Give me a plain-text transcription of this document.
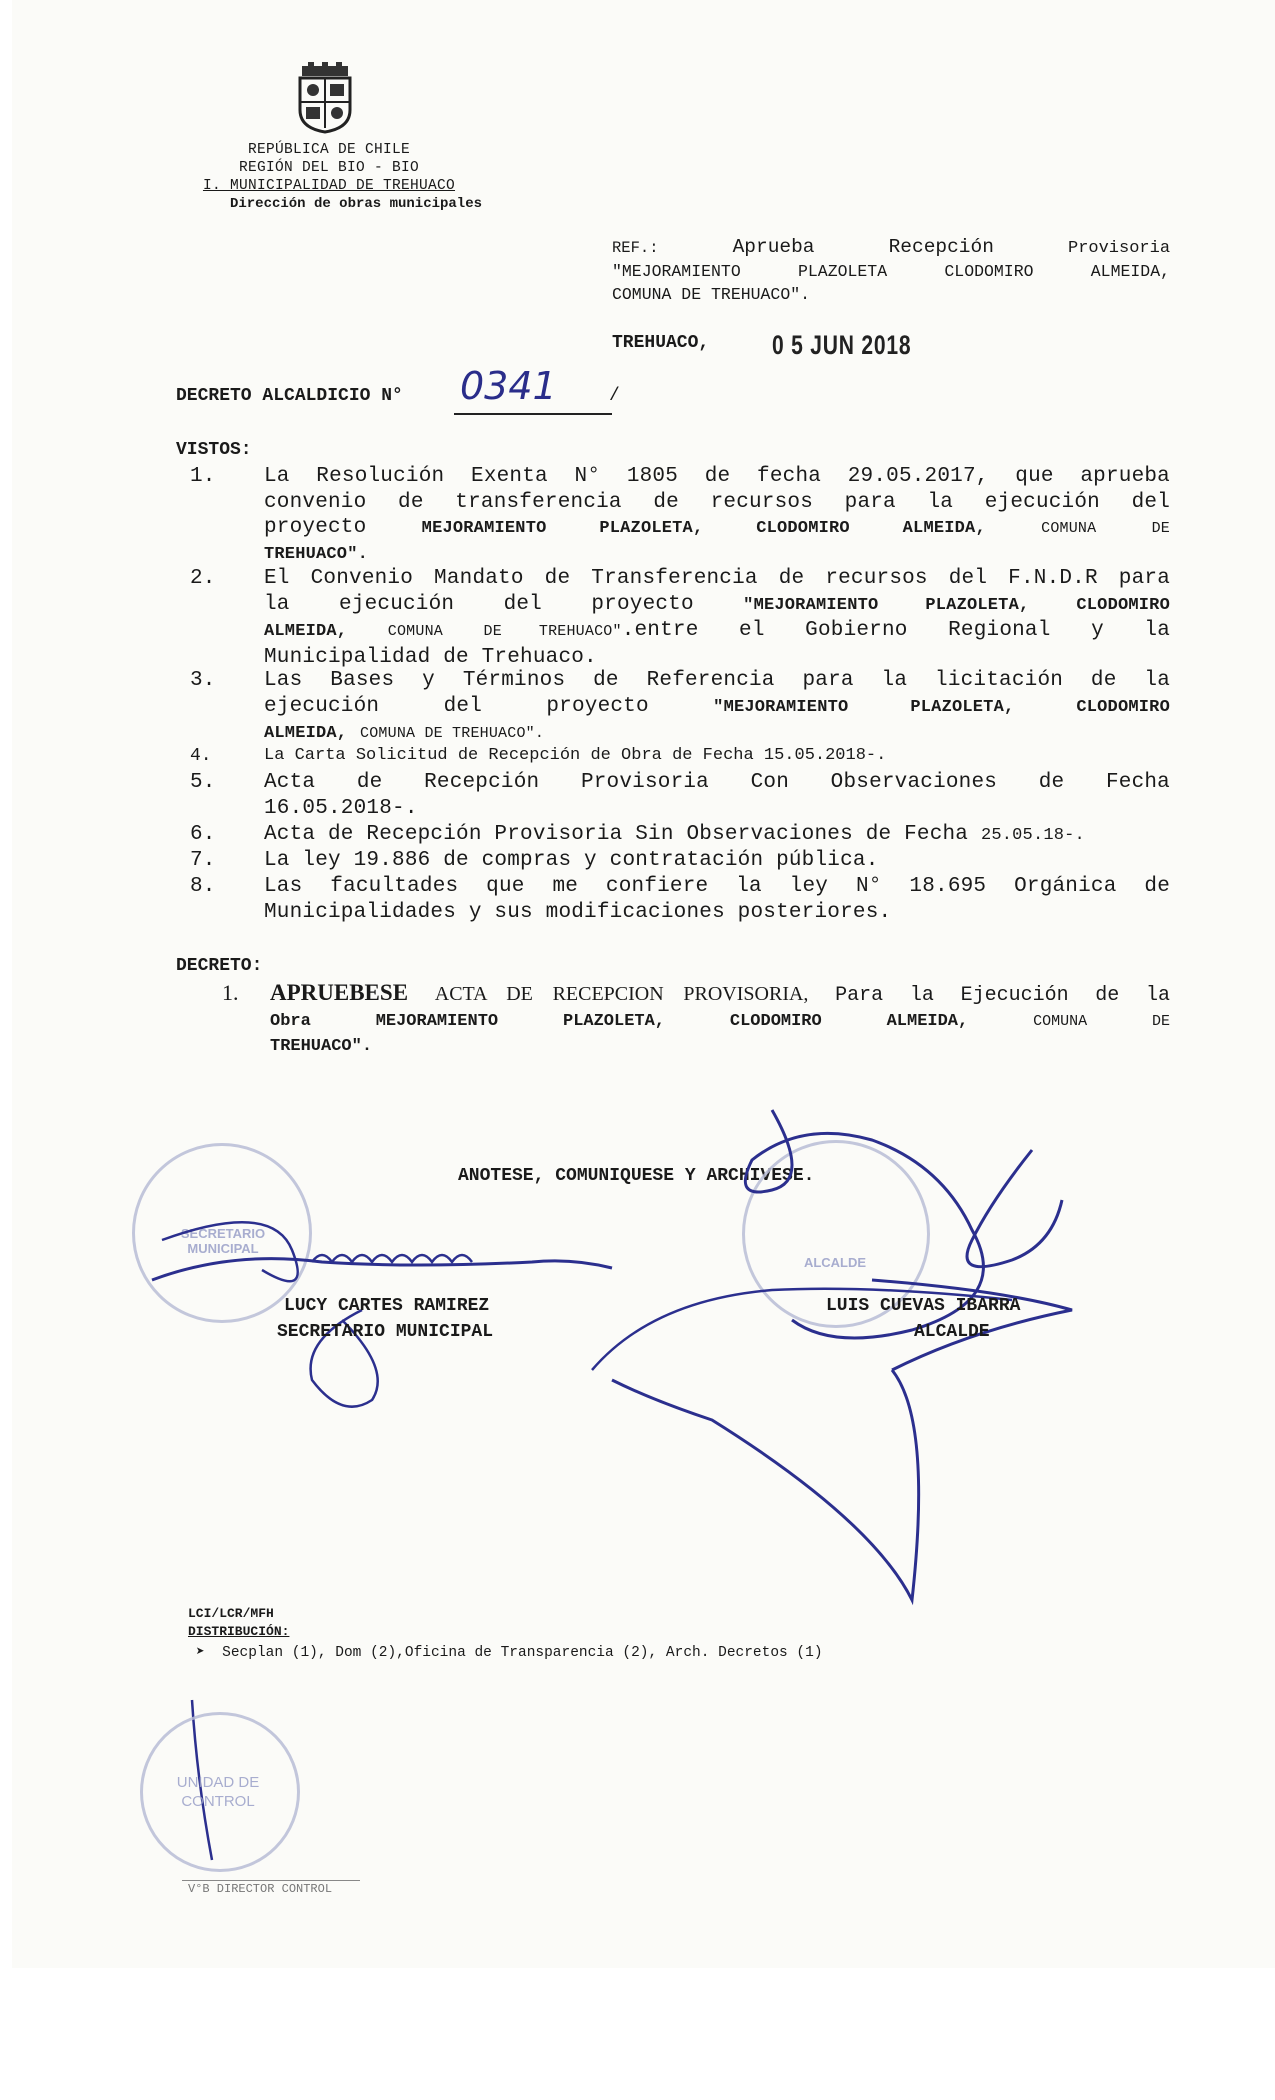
REPÚBLICA DE CHILE
REGIÓN DEL BIO - BIO
I. MUNICIPALIDAD DE TREHUACO
Dirección de obras municipales
REF.:	Aprueba	Recepción	Provisoria
"MEJORAMIENTO PLAZOLETA CLODOMIRO ALMEIDA,
COMUNA DE TREHUACO".
TREHUACO, 0 5 JUN 2018
DECRETO ALCALDICIO N° 0341	/
VISTOS:
1. La Resolución Exenta N° 1805 de fecha 29.05.2017, que aprueba
convenio de transferencia de recursos para la ejecución del
proyecto	MEJORAMIENTO PLAZOLETA, CLODOMIRO ALMEIDA,	COMUNA	DE
TREHUACO".
2. El Convenio Mandato de Transferencia de recursos del F.N.D.R para
la ejecución del proyecto	"MEJORAMIENTO PLAZOLETA, CLODOMIRO
ALMEIDA,	COMUNA	DE TREHUACO".entre el Gobierno Regional y la
Municipalidad de Trehuaco.
3. Las Bases y Términos de Referencia para la licitación de la
ejecución del proyecto	"MEJORAMIENTO PLAZOLETA, CLODOMIRO
ALMEIDA, COMUNA DE TREHUACO".
4.	La Carta Solicitud de Recepción de Obra de Fecha 15.05.2018-.
5. Acta de Recepción Provisoria Con Observaciones de Fecha
16.05.2018-.
6. Acta de Recepción Provisoria Sin Observaciones de Fecha 25.05.18-.
7. La ley 19.886 de compras y contratación pública.
8. Las facultades que me confiere la ley N° 18.695 Orgánica de
Municipalidades y sus modificaciones posteriores.
DECRETO:
1. APRUEBESE ACTA DE RECEPCION PROVISORIA, Para la Ejecución de la
Obra MEJORAMIENTO PLAZOLETA, CLODOMIRO ALMEIDA,	COMUNA	DE
TREHUACO".
ANOTESE, COMUNIQUESE Y ARCHIVESE.
SECRETARIO MUNICIPAL
ALCALDE
LUCY CARTES RAMIREZ
SECRETARIO MUNICIPAL
LUIS CUEVAS IBARRA
ALCALDE
LCI/LCR/MFH
DISTRIBUCIÓN:
➤ Secplan (1), Dom (2),Oficina de Transparencia (2), Arch. Decretos (1)
UNIDAD DE CONTROL
V°B DIRECTOR CONTROL
